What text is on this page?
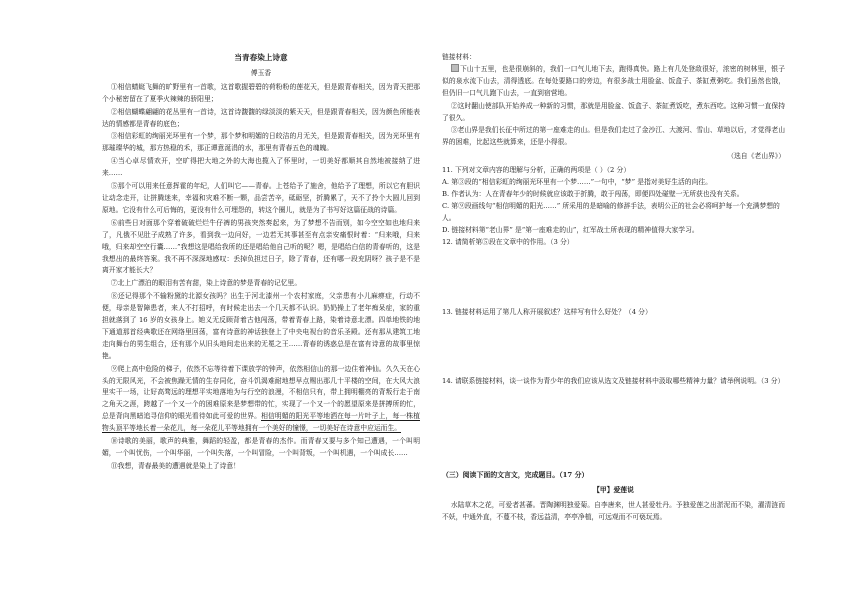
当青春染上诗意
傅玉香

①相信蜻蜓飞舞的旷野里有一首歌，这首歌握碧碧的荷粉粉的莲花天，但是跟青春相关，因为青天把那个小秘密留在了夏季火辣辣的骄阳里；

②相信蝴蝶翩翩的花丛里有一首诗，这首诗馥馥的绿淡淡的紫天天，但是跟青春相关，因为颜色所能表达的情感都是青春的底色；

③相信彩虹的绚丽光环里有一个梦，那个梦和明媚的日皎洁的月无关，但是跟青春相关，因为光环里有那璀璨华的城，那方热稳的禾，那正谭意涎涓的水，那里有青春五色的魂魄。

④当心卓尽情欢开，空旷得把大地之外的大海也揽入了怀里时，一切美好都顺其自然地被接纳了进来……

⑤那个可以用来任意挥霍的年纪，人们叫它——青春。上苍给予了施舍，他给予了理想，所以它有胆识让动念走开，让拼腾迷来，幸福和灾难不断一颗，品尝苦辛，砥砺坚，折腾累了，天不了拎个大圆儿回到原地。它没有什么可后悔的，更没有什么可埋怨的，转这个圈儿，就是为了书写好这篇征战的诗篇。

⑥前些日对面那个穿着破破烂烂牛仔裤的男孩突然奏起来，为了梦想不告而别，如今空空如也地归来了，凡俄不见肚子成熟了许多，看到我一边问好，一边若无其事甚至有点亲安痛恨时着：“归来哦，归来哦，归来却空空行囊……”我想这是唱给我所的还是唱给他自己听的呢？嗯，是唱给白信的青春听的，这是我想出的最终答案。我不再不深深地感叹：丢掉负担过日子，除了青春，还有哪一段充阴呀？孩子是不是离开家才能长大？

⑦北上广漂泊的眼泪有苦有甜，染上诗意的梦是青春的记忆里。

⑧还记得那个不输粉黛的北源女孩吗？出生于河北漆州一个农村家庭，父亲患有小儿麻痹症，行动不便，母亲是智障患者，来人不打招呼，有时候走出去一个几天都不认识。奶奶操上了老年痴呆症，家的重担就落到了 16 岁的女孩身上。她义无反顾背着古他闯荡，带着青春上路，染着诗意北漂。四单地铁的地下通道那首经典歌还在网络里回荡，富有诗意的神话独登上了中央电视台的音乐圣殿。还有那从建筑工地走向舞台的男生组合，还有那个从旧头地间走出来的无冕之王……青春的诱惑总是在富有诗意的故事里惊艳。

⑨爬上高中危险的梯子，依然不忘等待着下课放学的钟声，依然相信山的那一边住着神仙。久久天在心头的无限风光，不会被焦躁无情的生存同化，奋斗饥渴难耐地想早点赐出那几十平楼的空间，在大风大浪里实干一场，让好高骛远的理想平实地落地为与行空的浪漫，不相信只有，带上拥明棚亮的背叛行走于南之角天之涯，跨越了一个又一个的困难原来是梦想带的忙，实现了一个又一个的愿望原来是拼搏所的忙，总是背向黑暗追寻信仰的眼光看待如此可爱的世界。相信明媚的阳光平等地洒在每一片叶子上，每一株植物头顶平等地长着一朵花儿，每一朵花儿平等地拥有一个美好的憧憬，一切美好在诗意中应运而生。

⑩诗歌的美丽，歌声的典雅，舞蹈的轻盈，都是青春的杰作。而青春又要与多个知己遭遇，一个叫明媚，一个叫忧伤，一个叫华丽，一个叫失落，一个叫冒险，一个叫背叛，一个叫机遇，一个叫成长……

⑪我想，青春最美的遭遇就是染上了诗意！

链接材料：

下山十五里，也是很崩斜的，我们一口气儿地下去，跑得真快。路上有几处登敌很好，浓密的树林里，银子似的泉水流下山去，清得透底。在每处要路口的旁边，有很多战士用脸盆、饭盒子、茶缸煮粥吃。我们虽然也饿，但仍旧一口气儿跑下山去，一直到宿营地。

②这时翻山使部队开始养成一种新的习惯，那就是用脸盆、饭盒子、茶缸煮饭吃，煮东西吃。这种习惯一直保持了很久。

③老山界是我们长征中所过的第一座难走的山。但是我们走过了金沙江、大渡河、雪山、草地以后，才觉得老山界的困难，比起这些就算来，还是小得很。

（选自《老山界》）
11. 下列对文章内容的理解与分析，正确的两项是（ ）（2 分）
A. 第③段的“相信彩虹的绚丽光环里有一个梦……”一句中，“梦” 是指对美好生活的向往。
B. 作者认为：人在青春年少的时候就应该敢于折腾，敢于闯荡，即便四处碰壁一无所获也没有关系。
C. 第⑨段画线句“相信明媚的阳光……” 所采用的是暗喻的修辞手法，表明公正的社会必将呵护每一个充满梦想的人。
D. 链接材料第“老山界” 是“第一座难走的山”，红军战士所表现的精神值得大家学习。
12. 请简析第⑤段在文章中的作用。（3 分）
13. 链接材料运用了第几人称开展叙述？这样写有什么好处？（4 分）
14. 请联系链接材料，谈一谈作为青少年的我们应该从选文及链接材料中汲取哪些精神力量？请举例说明。（3 分）
（三）阅读下面的文言文，完成题目。（17 分）
【甲】爱莲说

水陆草木之花，可爱者甚蕃。晋陶渊明独爱菊。自李唐来，世人甚爱牡丹。予独爱莲之出淤泥而不染，濯清涟而不妖，中通外直，不蔓不枝，香远益清，亭亭净植，可远观而不可亵玩焉。
